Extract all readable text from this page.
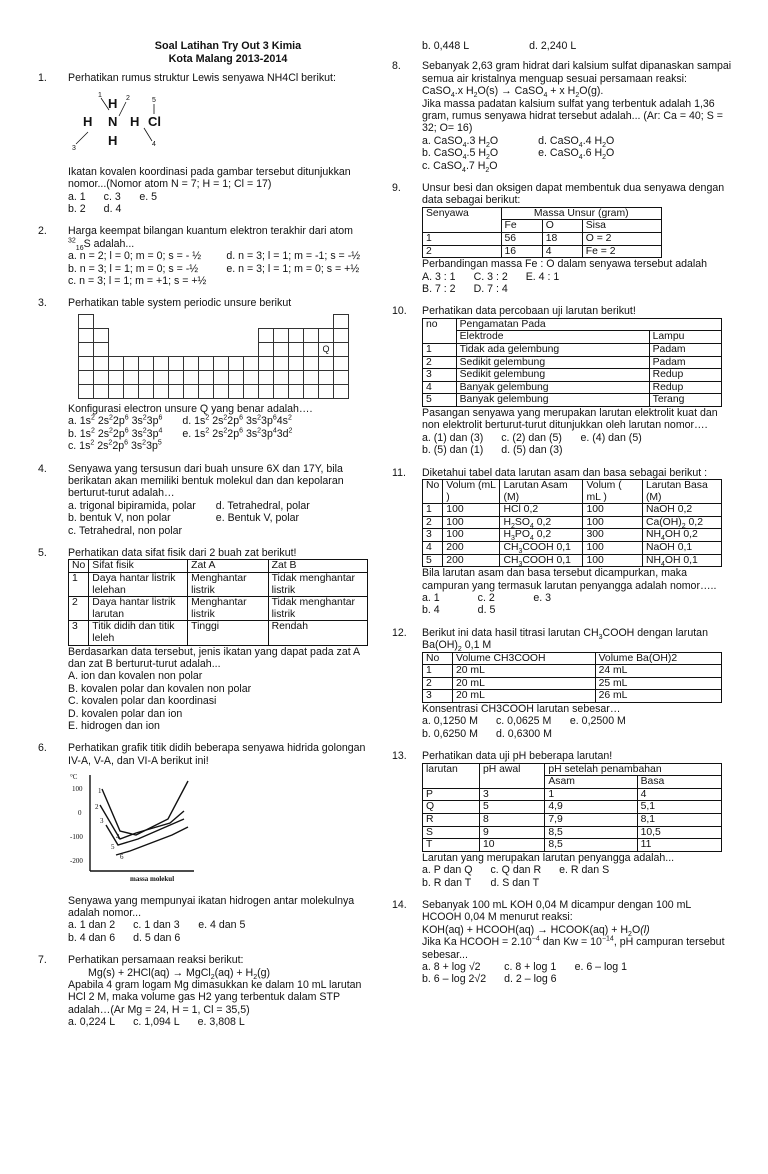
Soal Latihan Try Out 3 Kimia
Kota Malang 2013-2014
1. Perhatikan rumus struktur Lewis senyawa NH4Cl berikut:

H
H N H Cl
H
1	2
3
4
5

Ikatan kovalen koordinasi pada gambar tersebut ditunjukkan nomor...(Nomor atom N = 7; H = 1; Cl = 17)

a. 1 c. 3 e. 5
b. 2 d. 4
2. Harga keempat bilangan kuantum elektron terakhir dari atom

$^{32}_{16}$S adalah...

a. n = 2; l = 0; m = 0; s = - ½	d. n = 3; l = 1; m = -1; s = -½
b. n = 3; l = 1; m = 0; s = -½	e. n = 3; l = 1; m = 0; s = +½
c. n = 3; l = 1; m = +1; s = +½
3. Perhatikan table system periodic unsure berikut

																Q	

Konfigurasi electron unsure Q yang benar adalah….

a. $1s^2$ $2s^22p^6$ $3s^23p^6$ d. $1s^2$ $2s^22p^6$ $3s^23p^64s^2$
b. $1s^2$ $2s^22p^6$ $3s^23p^4$ e. $1s^2$ $2s^22p^6$ $3s^23p^43d^2$
c. $1s^2$ $2s^22p^6$ $3s^23p^5$
4. Senyawa yang tersusun dari buah unsure 6X dan 17Y, bila berikatan akan memiliki bentuk molekul dan dan kepolaran berturut-turut adalah…

a. trigonal bipiramida, polar d. Tetrahedral, polar
b. bentuk V, non polar	e. Bentuk V, polar
c. Tetrahedral, non polar
5. Perhatikan data sifat fisik dari 2 buah zat berikut!

No	Sifat fisik	Zat A	Zat B
1	Daya hantar listrik lelehan	Menghantar listrik	Tidak menghantar listrik
2	Daya hantar listrik larutan	Menghantar listrik	Tidak menghantar listrik
3	Titik didih dan titik leleh	Tinggi	Rendah

Berdasarkan data tersebut, jenis ikatan yang dapat pada zat A dan zat B berturut-turut adalah...

A. ion dan kovalen non polar
B. kovalen polar dan kovalen non polar
C. kovalen polar dan koordinasi
D. kovalen polar dan ion
E. hidrogen dan ion
6. Perhatikan grafik titik didih beberapa senyawa hidrida golongan IV-A, V-A, dan VI-A berikut ini!

°C
100
0
-100
-200
massa molekul
1
2
3
4
5
6

Senyawa yang mempunyai ikatan hidrogen antar molekulnya adalah nomor...

a. 1 dan 2 c. 1 dan 3 e. 4 dan 5
b. 4 dan 6 d. 5 dan 6
7. Perhatikan persamaan reaksi berikut:

Mg(s) + 2HCl(aq) → MgCl$_2$(aq) + $H_2(g)$

Apabila 4 gram logam Mg dimasukkan ke dalam 10 mL larutan HCl 2 M, maka volume gas H2 yang terbentuk dalam STP adalah…(Ar Mg = 24, H = 1, Cl = 35,5)

a. 0,224 L c. 1,094 L e. 3,808 L
b. 0,448 L	d. 2,240 L
8. Sebanyak 2,63 gram hidrat dari kalsium sulfat dipanaskan sampai semua air kristalnya menguap sesuai persamaan reaksi:

CaSO$_4$.x $H_2O(s)$ → CaSO$_4$ + x $H_2O(g)$.

Jika massa padatan kalsium sulfat yang terbentuk adalah 1,36 gram, rumus senyawa hidrat tersebut adalah... (Ar: Ca = 40; S = 32; O= 16)

a. CaSO$_4$.3 $H_2O$	d. CaSO$_4$.4 $H_2O$
b. CaSO$_4$.5 $H_2O$	e. CaSO$_4$.6 $H_2O$
c. CaSO$_4$.7 $H_2O$
9. Unsur besi dan oksigen dapat membentuk dua senyawa dengan data sebagai berikut:

Senyawa	Massa Unsur (gram)		
	Fe	O	Sisa
1	56	18	O = 2
2	16	4	Fe = 2

Perbandingan massa Fe : O dalam senyawa tersebut adalah

A. 3 : 1 C. 3 : 2 E. 4 : 1
B. 7 : 2 D. 7 : 4
10. Perhatikan data percobaan uji larutan berikut!

no	Pengamatan Pada	
	Elektrode	Lampu
1	Tidak ada gelembung	Padam
2	Sedikit gelembung	Padam
3	Sedikit gelembung	Redup
4	Banyak gelembung	Redup
5	Banyak gelembung	Terang

Pasangan senyawa yang merupakan larutan elektrolit kuat dan non elektrolit berturut-turut ditunjukkan oleh larutan nomor….

a. (1) dan (3) c. (2) dan (5) e. (4) dan (5)
b. (5) dan (1) d. (5) dan (3)
11. Diketahui tabel data larutan asam dan basa sebagai berikut :

No	Volum (mL )	Larutan Asam (M)	Volum ( mL )	Larutan Basa (M)
1	100	HCl 0,2	100	NaOH 0,2
2	100	$H_2SO_4$ 0,2	100	$Ca(OH)_2$ 0,2
3	100	$H_3PO_4$ 0,2	300	$NH_4OH$ 0,2
4	200	$CH_3COOH$ 0,1	100	NaOH 0,1
5	200	$CH_3COOH$ 0,1	100	$NH_4OH$ 0,1

Bila larutan asam dan basa tersebut dicampurkan, maka campuran yang termasuk larutan penyangga adalah nomor…..

a. 1	c. 2	e. 3
b. 4	d. 5
12. Berikut ini data hasil titrasi larutan $CH_3COOH$ dengan larutan $Ba(OH)_2$ 0,1 M

No	Volume CH3COOH	Volume Ba(OH)2
1	20 mL	24 mL
2	20 mL	25 mL
3	20 mL	26 mL

Konsentrasi CH3COOH larutan sebesar…

a. 0,1250 M c. 0,0625 M e. 0,2500 M
b. 0,6250 M d. 0,6300 M
13. Perhatikan data uji pH beberapa larutan!

larutan	pH awal	pH setelah penambahan	
		Asam	Basa
P	3	1	4
Q	5	4,9	5,1
R	8	7,9	8,1
S	9	8,5	10,5
T	10	8,5	11

Larutan yang merupakan larutan penyangga adalah...

a. P dan Q c. Q dan R e. R dan S
b. R dan T d. S dan T
14. Sebanyak 100 mL KOH 0,04 M dicampur dengan 100 mL HCOOH 0,04 M menurut reaksi:

KOH(aq) + HCOOH(aq) → HCOOK(aq) + $H_2O(l)$

Jika Ka HCOOH = $2.10^{-4}$ dan $Kw = 10^{-14}$, pH campuran tersebut sebesar...

a. 8 + log √2	c. 8 + log 1 e. 6 – log 1
b. 6 – log 2√2 d. 2 – log 6
